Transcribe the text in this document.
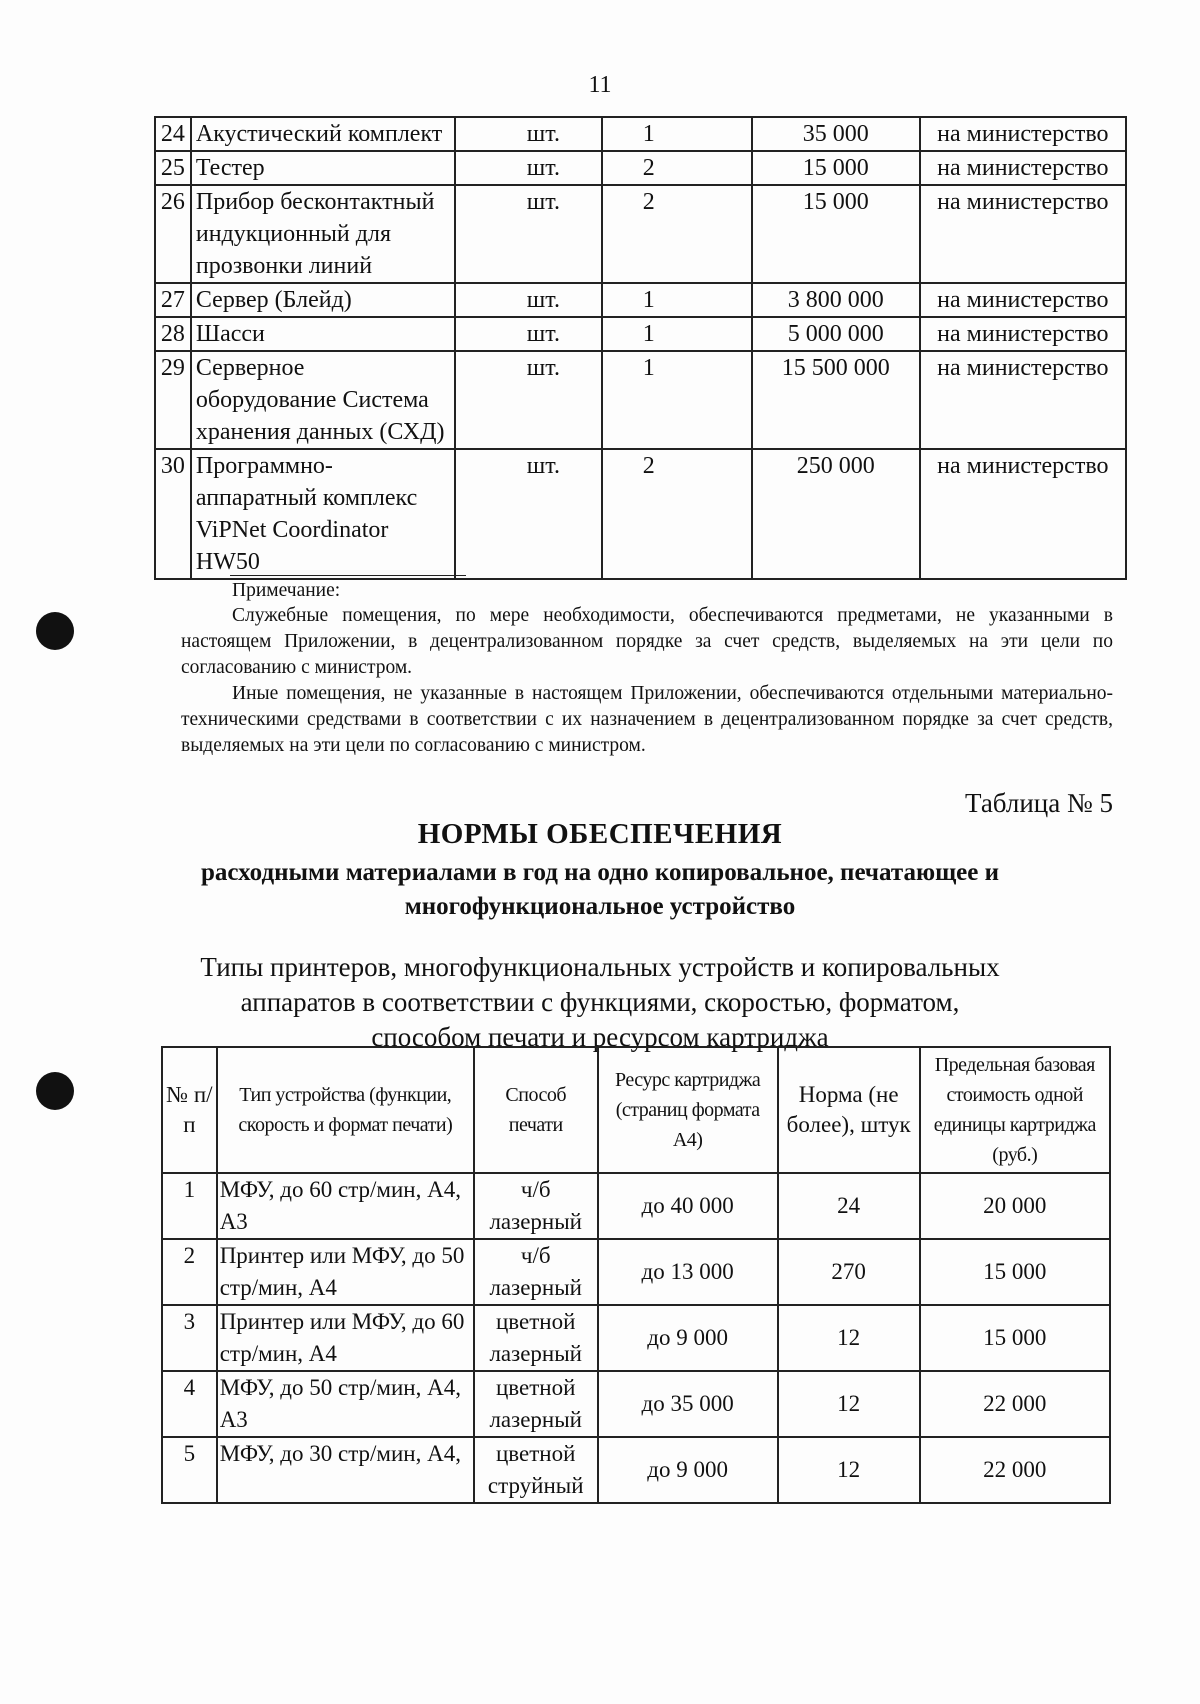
11
24	Акустический комплект	шт.	1	35 000	на министерство
25	Тестер	шт.	2	15 000	на министерство
26	Прибор бесконтактный индукционный для прозвонки линий	шт.	2	15 000	на министерство
27	Сервер (Блейд)	шт.	1	3 800 000	на министерство
28	Шасси	шт.	1	5 000 000	на министерство
29	Серверное оборудование Система хранения данных (СХД)	шт.	1	15 500 000	на министерство
30	Программно-аппаратный комплекс ViPNet Coordinator HW50	шт.	2	250 000	на министерство
Примечание:

Служебные помещения, по мере необходимости, обеспечиваются предметами, не указанными в настоящем Приложении, в децентрализованном порядке за счет средств, выделяемых на эти цели по согласованию с министром.

Иные помещения, не указанные в настоящем Приложении, обеспечиваются отдельными материально-техническими средствами в соответствии с их назначением в децентрализованном порядке за счет средств, выделяемых на эти цели по согласованию с министром.

Таблица № 5
НОРМЫ ОБЕСПЕЧЕНИЯ
расходными материалами в год на одно копировальное, печатающее и многофункциональное устройство
Типы принтеров, многофункциональных устройств и копировальных аппаратов в соответствии с функциями, скоростью, форматом, способом печати и ресурсом картриджа
№ п/п	Тип устройства (функции, скорость и формат печати)	Способ печати	Ресурс картриджа (страниц формата А4)	Норма (не более), штук	Предельная базовая стоимость одной единицы картриджа (руб.)
1	МФУ, до 60 стр/мин, А4, А3	ч/б лазерный	до 40 000	24	20 000
2	Принтер или МФУ, до 50 стр/мин, А4	ч/б лазерный	до 13 000	270	15 000
3	Принтер или МФУ, до 60 стр/мин, А4	цветной лазерный	до 9 000	12	15 000
4	МФУ, до 50 стр/мин, А4, А3	цветной лазерный	до 35 000	12	22 000
5	МФУ, до 30 стр/мин, А4,	цветной струйный	до 9 000	12	22 000
